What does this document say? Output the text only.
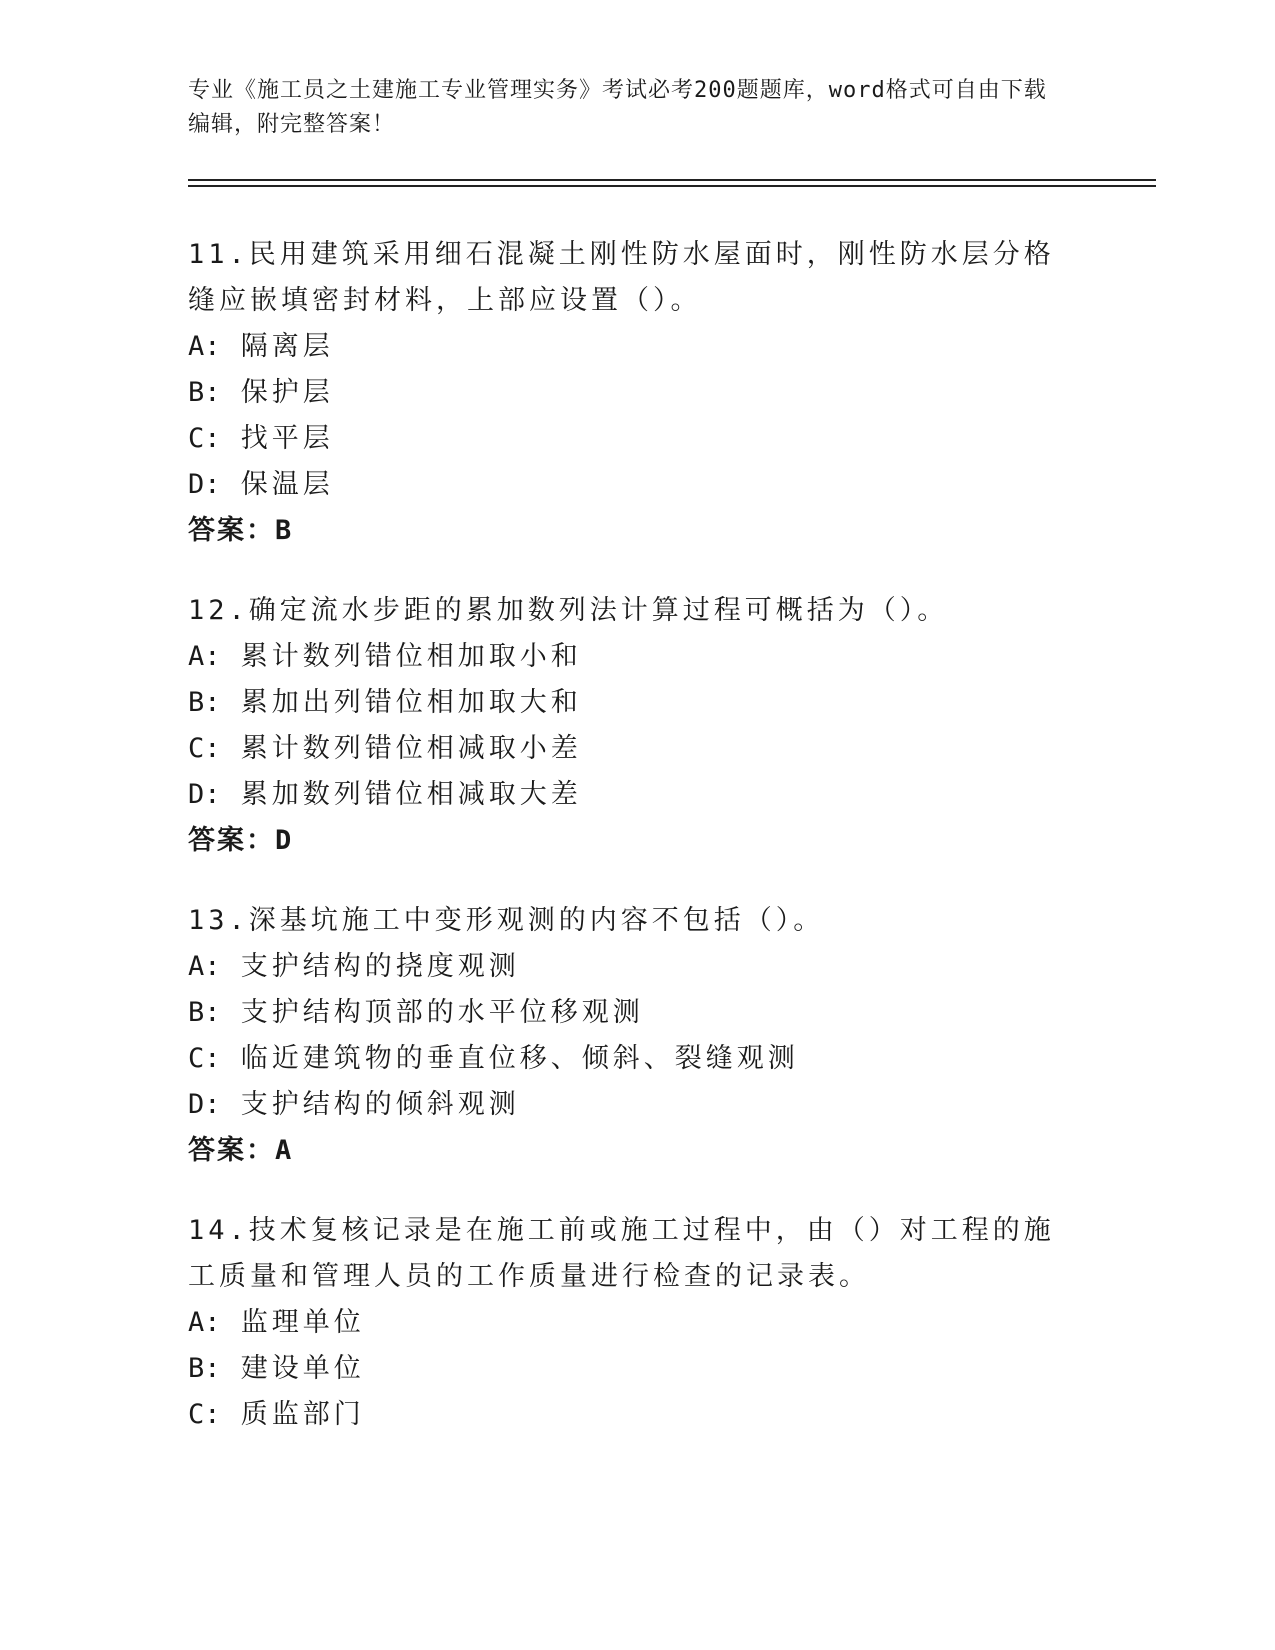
专业《施工员之土建施工专业管理实务》考试必考200题题库，word格式可自由下载编辑，附完整答案！
11.民用建筑采用细石混凝土刚性防水屋面时，刚性防水层分格缝应嵌填密封材料，上部应设置（）。
A: 隔离层
B: 保护层
C: 找平层
D: 保温层
答案：B
12.确定流水步距的累加数列法计算过程可概括为（）。
A: 累计数列错位相加取小和
B: 累加出列错位相加取大和
C: 累计数列错位相减取小差
D: 累加数列错位相减取大差
答案：D
13.深基坑施工中变形观测的内容不包括（）。
A: 支护结构的挠度观测
B: 支护结构顶部的水平位移观测
C: 临近建筑物的垂直位移、倾斜、裂缝观测
D: 支护结构的倾斜观测
答案：A
14.技术复核记录是在施工前或施工过程中，由（）对工程的施工质量和管理人员的工作质量进行检查的记录表。
A: 监理单位
B: 建设单位
C: 质监部门
